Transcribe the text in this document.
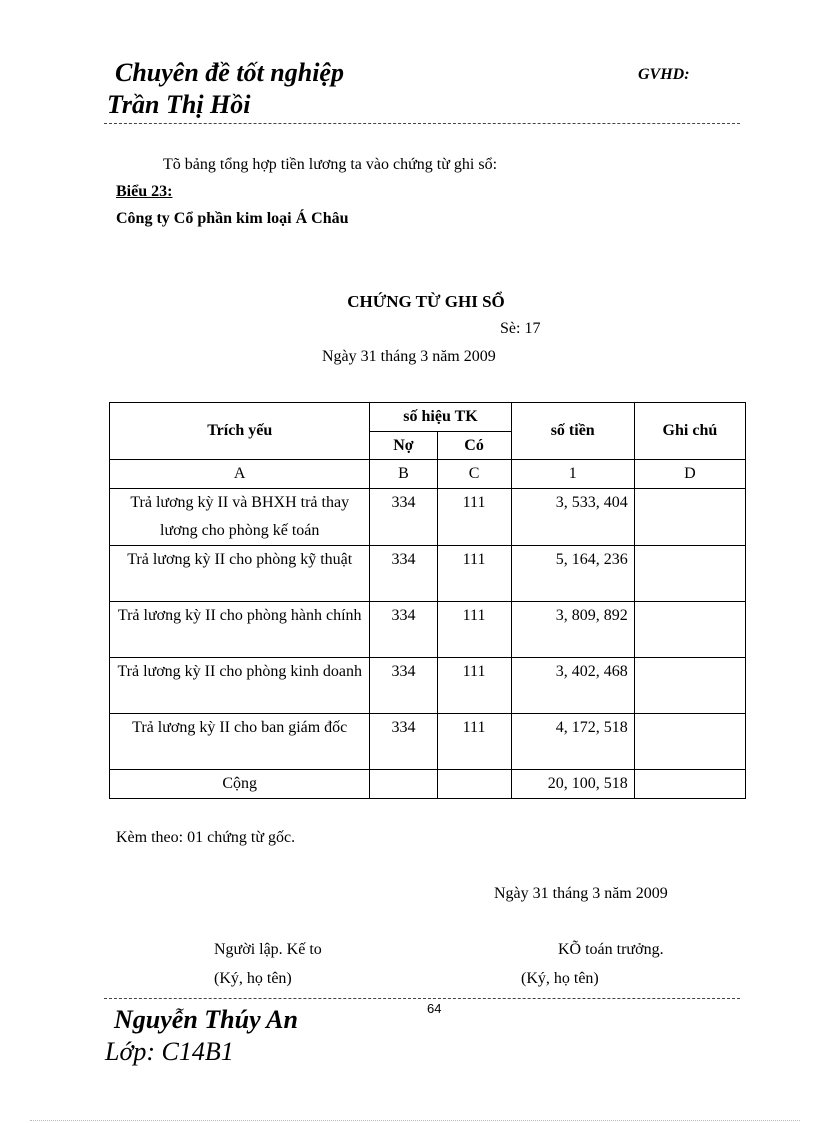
Chuyên đề tốt nghiệp	GVHD:
Trần Thị Hồi
Tõ bảng tổng hợp tiền lương ta vào chứng từ ghi sổ:
Biểu 23:
Công ty Cổ phần kim loại Á Châu
CHỨNG TỪ GHI SỔ
Sè: 17
Ngày 31 tháng 3 năm 2009
Trích yếu	số hiệu TK		số tiền	Ghi chú
	Nợ	Có		
A	B	C	1	D
Trả lương kỳ II và BHXH trả thay lương cho phòng kế toán	334	111	3, 533, 404	
Trả lương kỳ II cho phòng kỹ thuật	334	111	5, 164, 236	
Trả lương kỳ II cho phòng hành chính	334	111	3, 809, 892	
Trả lương kỳ II cho phòng kinh doanh	334	111	3, 402, 468	
Trả lương kỳ II cho ban giám đốc	334	111	4, 172, 518	
Cộng			20, 100, 518	
Kèm theo: 01 chứng từ gốc.
Ngày 31 tháng 3 năm 2009
Người lập. Kế to	KÕ toán trưởng.
(Ký, họ tên)	(Ký, họ tên)
64
Nguyễn Thúy An
Lớp: C14B1
